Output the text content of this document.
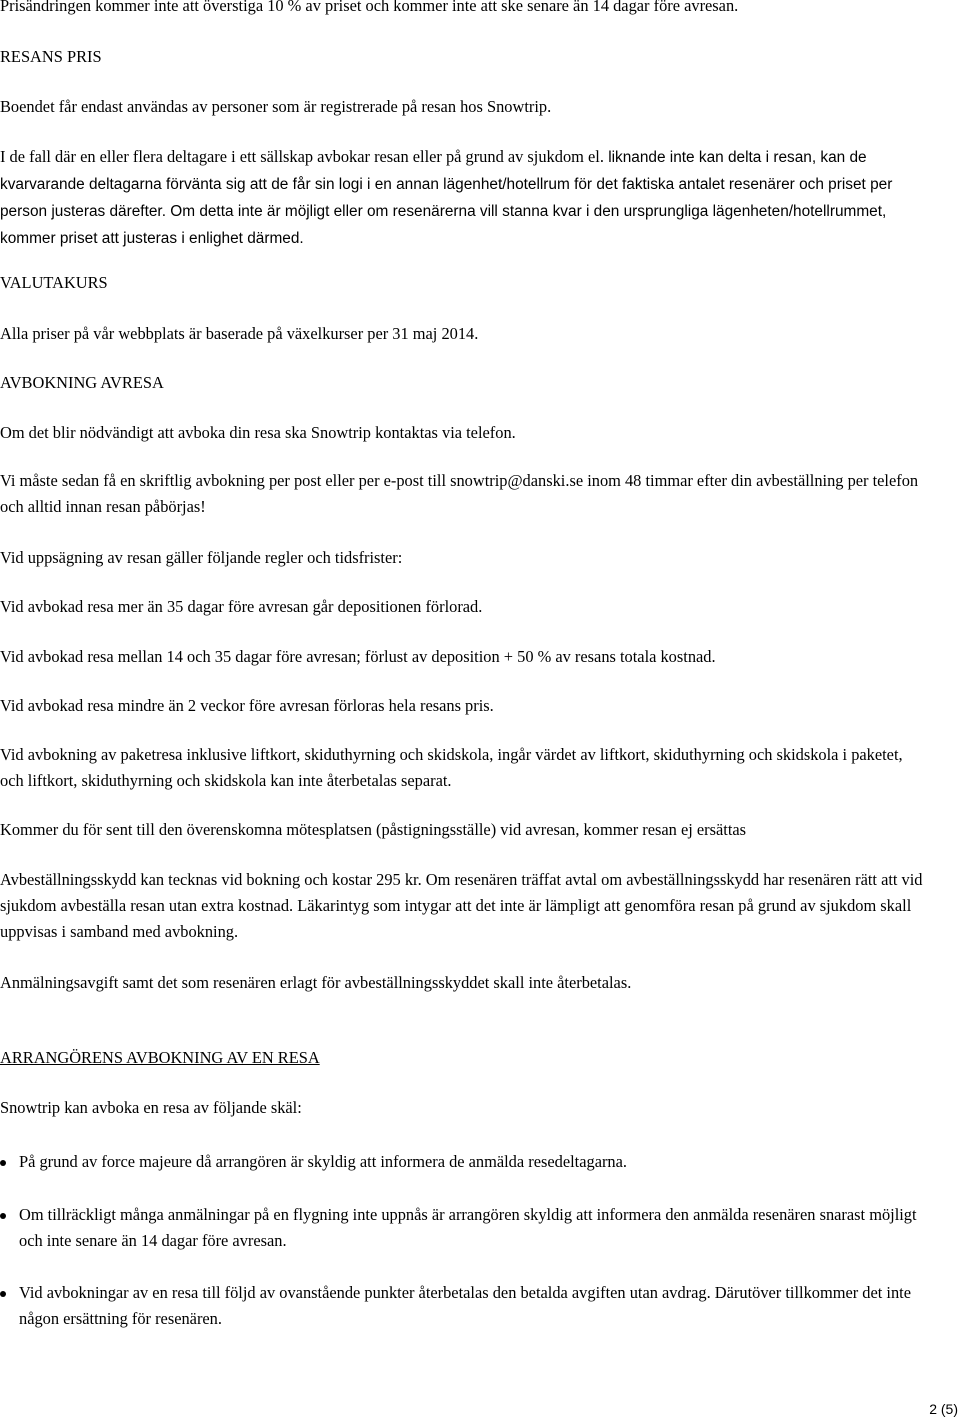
Prisändringen kommer inte att överstiga 10 % av priset och kommer inte att ske senare än 14 dagar före avresan.

RESANS PRIS

Boendet får endast användas av personer som är registrerade på resan hos Snowtrip.

I de fall där en eller flera deltagare i ett sällskap avbokar resan eller på grund av sjukdom el. liknande inte kan delta i resan, kan de kvarvarande deltagarna förvänta sig att de får sin logi i en annan lägenhet/hotellrum för det faktiska antalet resenärer och priset per person justeras därefter. Om detta inte är möjligt eller om resenärerna vill stanna kvar i den ursprungliga lägenheten/hotellrummet, kommer priset att justeras i enlighet därmed.

VALUTAKURS

Alla priser på vår webbplats är baserade på växelkurser per 31 maj 2014.

AVBOKNING AVRESA

Om det blir nödvändigt att avboka din resa ska Snowtrip kontaktas via telefon.

Vi måste sedan få en skriftlig avbokning per post eller per e-post till snowtrip@danski.se inom 48 timmar efter din avbeställning per telefon och alltid innan resan påbörjas!

Vid uppsägning av resan gäller följande regler och tidsfrister:

Vid avbokad resa mer än 35 dagar före avresan går depositionen förlorad.

Vid avbokad resa mellan 14 och 35 dagar före avresan; förlust av deposition + 50 % av resans totala kostnad.

Vid avbokad resa mindre än 2 veckor före avresan förloras hela resans pris.

Vid avbokning av paketresa inklusive liftkort, skiduthyrning och skidskola, ingår värdet av liftkort, skiduthyrning och skidskola i paketet, och liftkort, skiduthyrning och skidskola kan inte återbetalas separat.

Kommer du för sent till den överenskomna mötesplatsen (påstigningsställe) vid avresan, kommer resan ej ersättas

Avbeställningsskydd kan tecknas vid bokning och kostar 295 kr. Om resenären träffat avtal om avbeställningsskydd har resenären rätt att vid sjukdom avbeställa resan utan extra kostnad. Läkarintyg som intygar att det inte är lämpligt att genomföra resan på grund av sjukdom skall uppvisas i samband med avbokning.

Anmälningsavgift samt det som resenären erlagt för avbeställningsskyddet skall inte återbetalas.

ARRANGÖRENS AVBOKNING AV EN RESA

Snowtrip kan avboka en resa av följande skäl:

På grund av force majeure då arrangören är skyldig att informera de anmälda resedeltagarna.
Om tillräckligt många anmälningar på en flygning inte uppnås är arrangören skyldig att informera den anmälda resenären snarast möjligt och inte senare än 14 dagar före avresan.
Vid avbokningar av en resa till följd av ovanstående punkter återbetalas den betalda avgiften utan avdrag. Därutöver tillkommer det inte någon ersättning för resenären.
2 (5)
